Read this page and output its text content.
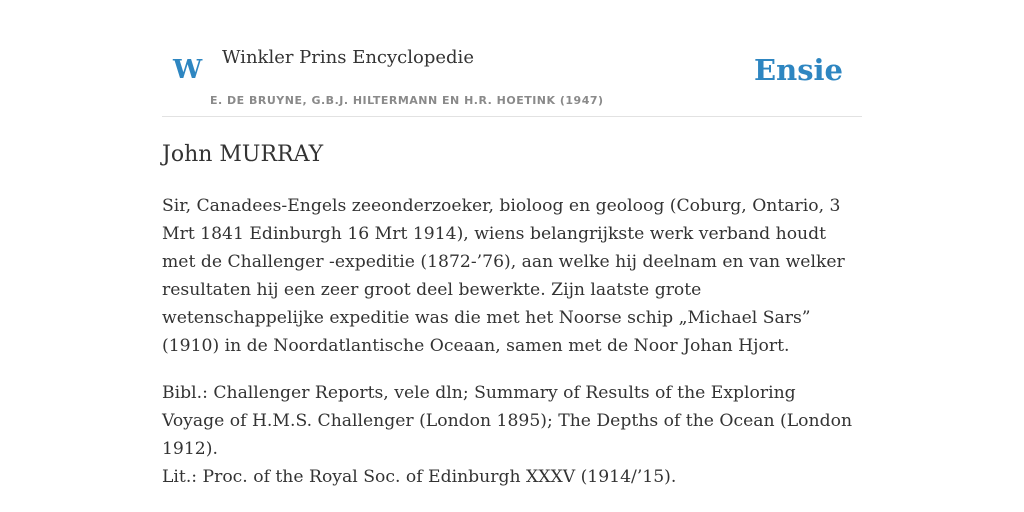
W Winkler Prins Encyclopedie
E. DE BRUYNE, G.B.J. HILTERMANN EN H.R. HOETINK (1947)
Ensie
John MURRAY

Sir, Canadees-Engels zeeonderzoeker, bioloog en geoloog (Coburg, Ontario, 3 Mrt 1841 Edinburgh 16 Mrt 1914), wiens belangrijkste werk verband houdt met de Challenger -expeditie (1872-’76), aan welke hij deelnam en van welker resultaten hij een zeer groot deel bewerkte. Zijn laatste grote wetenschappelijke expeditie was die met het Noorse schip „Michael Sars” (1910) in de Noordatlantische Oceaan, samen met de Noor Johan Hjort.

Bibl.: Challenger Reports, vele dln; Summary of Results of the Exploring Voyage of H.M.S. Challenger (London 1895); The Depths of the Ocean (London 1912).

Lit.: Proc. of the Royal Soc. of Edinburgh XXXV (1914/’15).
